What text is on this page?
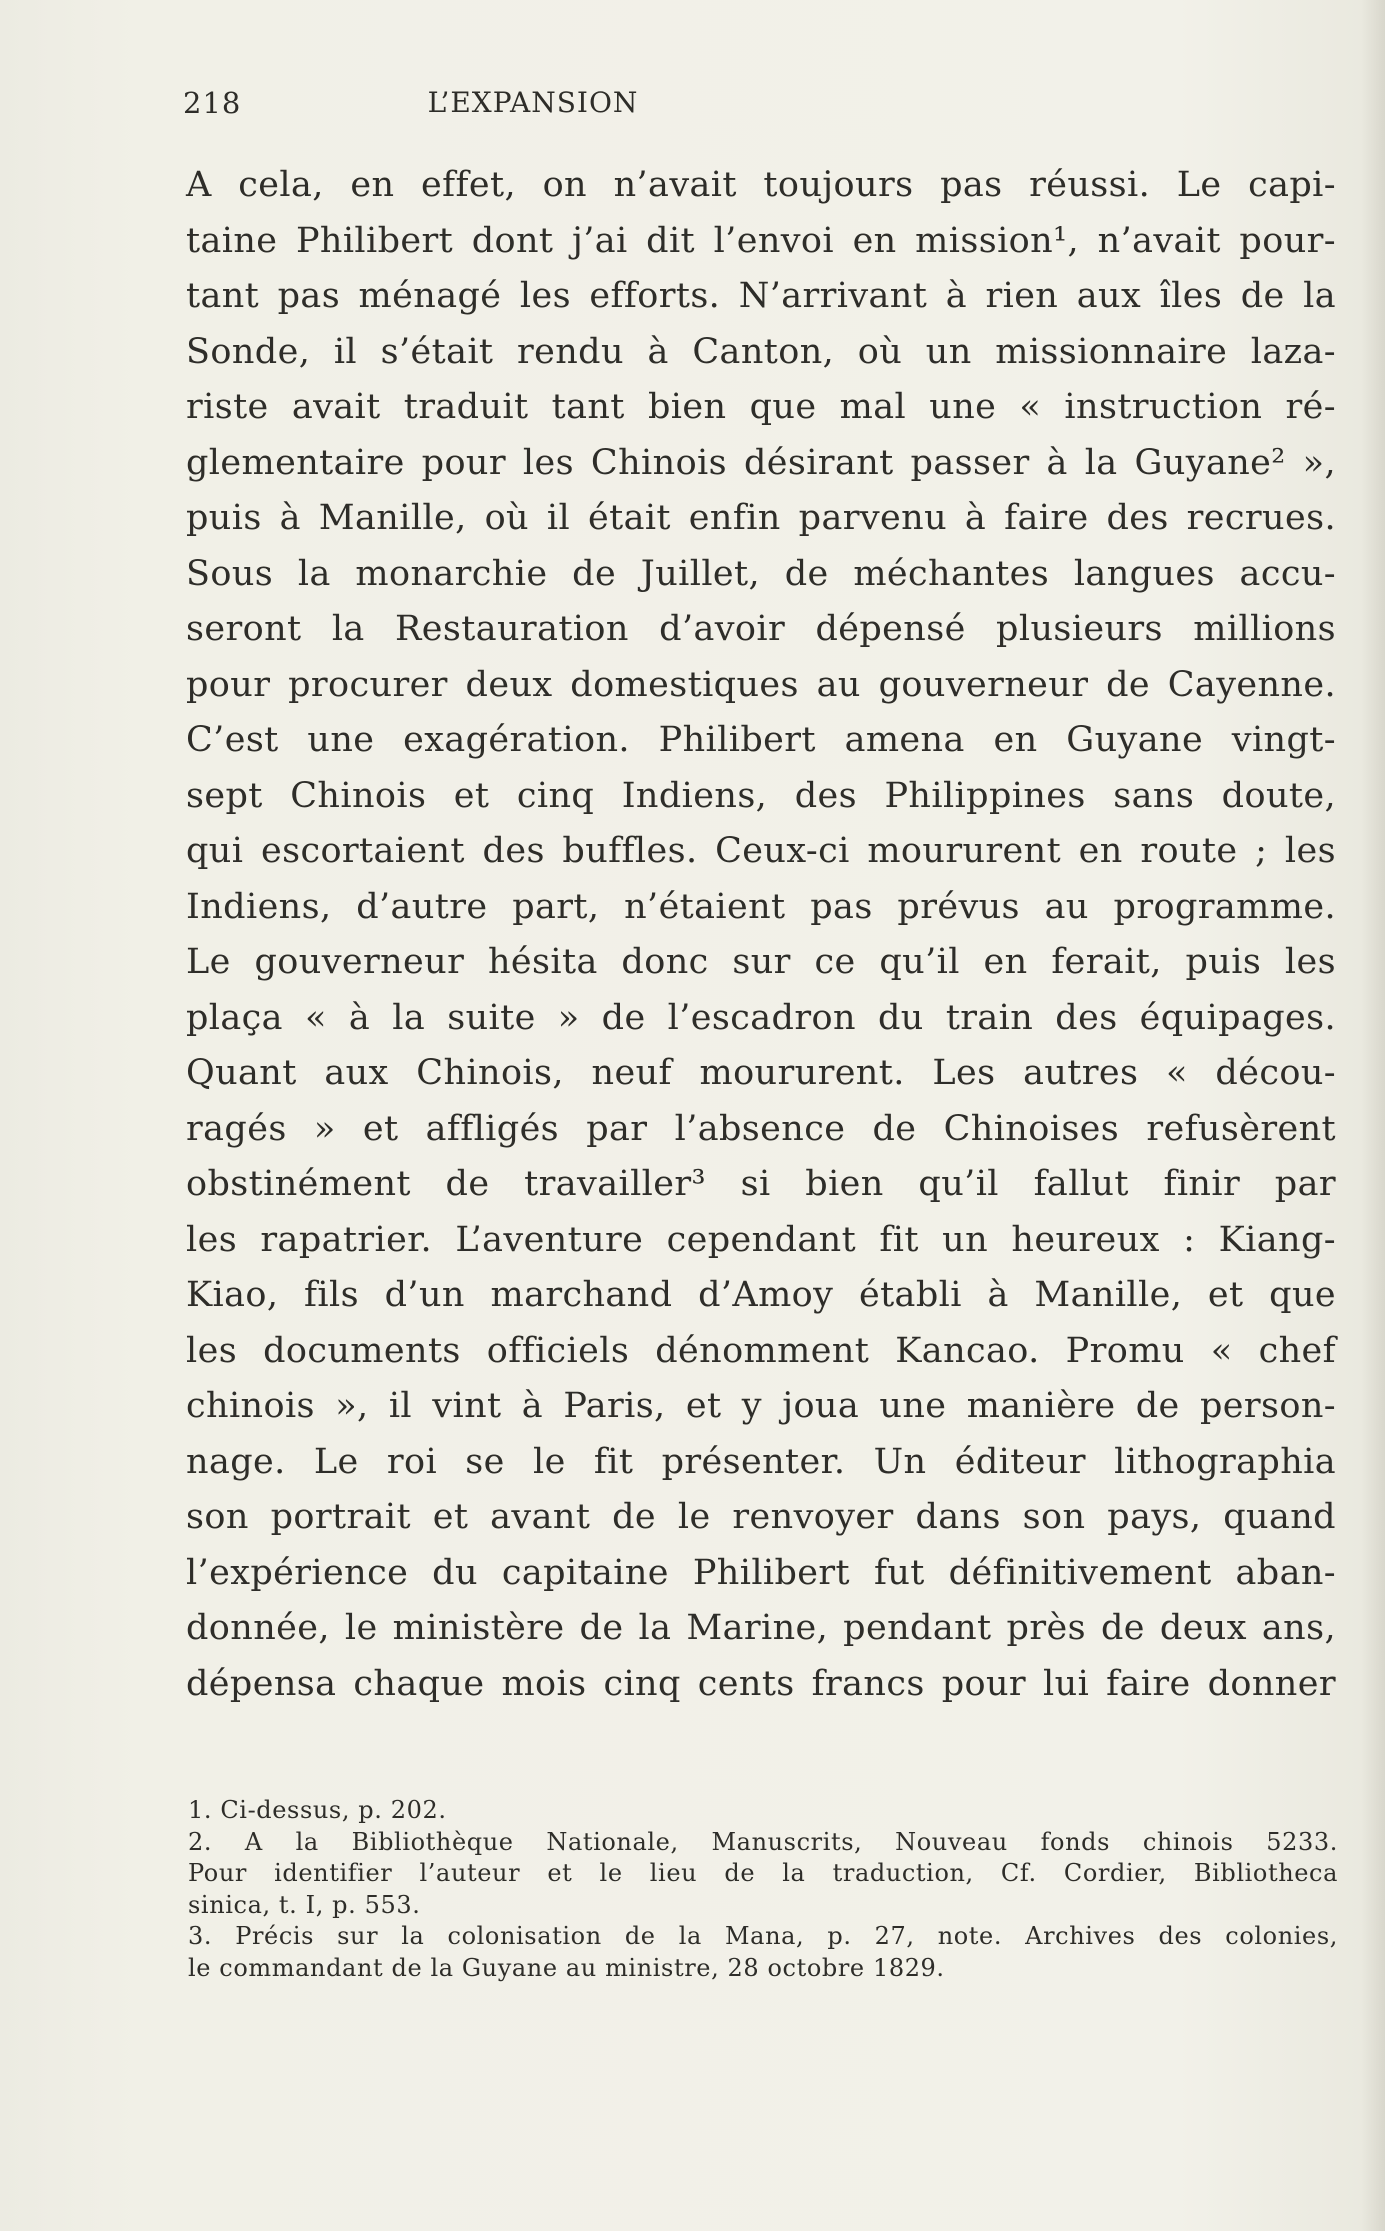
218	L’EXPANSION
A cela, en effet, on n’avait toujours pas réussi. Le capi-
taine Philibert dont j’ai dit l’envoi en mission¹, n’avait pour-
tant pas ménagé les efforts. N’arrivant à rien aux îles de la
Sonde, il s’était rendu à Canton, où un missionnaire laza-
riste avait traduit tant bien que mal une « instruction ré-
glementaire pour les Chinois désirant passer à la Guyane² »,
puis à Manille, où il était enfin parvenu à faire des recrues.
Sous la monarchie de Juillet, de méchantes langues accu-
seront la Restauration d’avoir dépensé plusieurs millions
pour procurer deux domestiques au gouverneur de Cayenne.
C’est une exagération. Philibert amena en Guyane vingt-
sept Chinois et cinq Indiens, des Philippines sans doute,
qui escortaient des buffles. Ceux-ci moururent en route ; les
Indiens, d’autre part, n’étaient pas prévus au programme.
Le gouverneur hésita donc sur ce qu’il en ferait, puis les
plaça « à la suite » de l’escadron du train des équipages.
Quant aux Chinois, neuf moururent. Les autres « décou-
ragés » et affligés par l’absence de Chinoises refusèrent
obstinément de travailler³ si bien qu’il fallut finir par
les rapatrier. L’aventure cependant fit un heureux : Kiang-
Kiao, fils d’un marchand d’Amoy établi à Manille, et que
les documents officiels dénomment Kancao. Promu « chef
chinois », il vint à Paris, et y joua une manière de person-
nage. Le roi se le fit présenter. Un éditeur lithographia
son portrait et avant de le renvoyer dans son pays, quand
l’expérience du capitaine Philibert fut définitivement aban-
donnée, le ministère de la Marine, pendant près de deux ans,
dépensa chaque mois cinq cents francs pour lui faire donner
1. Ci-dessus, p. 202.
2. A la Bibliothèque Nationale, Manuscrits, Nouveau fonds chinois 5233.
Pour identifier l’auteur et le lieu de la traduction, Cf. Cordier, Bibliotheca
sinica, t. I, p. 553.
3. Précis sur la colonisation de la Mana, p. 27, note. Archives des colonies,
le commandant de la Guyane au ministre, 28 octobre 1829.
